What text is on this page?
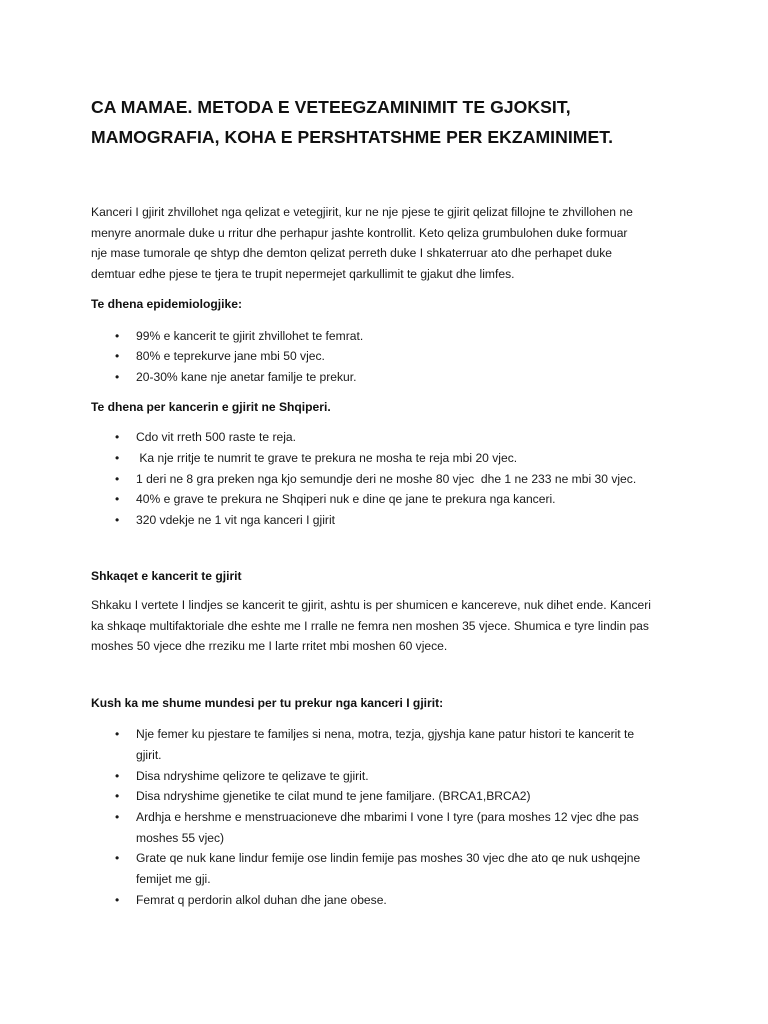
CA MAMAE. METODA E VETEEGZAMINIMIT TE GJOKSIT,
MAMOGRAFIA, KOHA E PERSHTATSHME PER EKZAMINIMET.
Kanceri I gjirit zhvillohet nga qelizat e vetegjirit, kur ne nje pjese te gjirit qelizat fillojne te zhvillohen ne
menyre anormale duke u rritur dhe perhapur jashte kontrollit. Keto qeliza grumbulohen duke formuar
nje mase tumorale qe shtyp dhe demton qelizat perreth duke I shkaterruar ato dhe perhapet duke
demtuar edhe pjese te tjera te trupit nepermejet qarkullimit te gjakut dhe limfes.
Te dhena epidemiologjike:
• 99% e kancerit te gjirit zhvillohet te femrat.
• 80% e teprekurve jane mbi 50 vjec.
• 20-30% kane nje anetar familje te prekur.
Te dhena per kancerin e gjirit ne Shqiperi.
• Cdo vit rreth 500 raste te reja.
• Ka nje rritje te numrit te grave te prekura ne mosha te reja mbi 20 vjec.
• 1 deri ne 8 gra preken nga kjo semundje deri ne moshe 80 vjec  dhe 1 ne 233 ne mbi 30 vjec.
• 40% e grave te prekura ne Shqiperi nuk e dine qe jane te prekura nga kanceri.
• 320 vdekje ne 1 vit nga kanceri I gjirit
Shkaqet e kancerit te gjirit
Shkaku I vertete I lindjes se kancerit te gjirit, ashtu is per shumicen e kancereve, nuk dihet ende. Kanceri
ka shkaqe multifaktoriale dhe eshte me I rralle ne femra nen moshen 35 vjece. Shumica e tyre lindin pas
moshes 50 vjece dhe rreziku me I larte rritet mbi moshen 60 vjece.
Kush ka me shume mundesi per tu prekur nga kanceri I gjirit:
• Nje femer ku pjestare te familjes si nena, motra, tezja, gjyshja kane patur histori te kancerit te
gjirit.
• Disa ndryshime qelizore te qelizave te gjirit.
• Disa ndryshime gjenetike te cilat mund te jene familjare. (BRCA1,BRCA2)
• Ardhja e hershme e menstruacioneve dhe mbarimi I vone I tyre (para moshes 12 vjec dhe pas
moshes 55 vjec)
• Grate qe nuk kane lindur femije ose lindin femije pas moshes 30 vjec dhe ato qe nuk ushqejne
femijet me gji.
• Femrat q perdorin alkol duhan dhe jane obese.
